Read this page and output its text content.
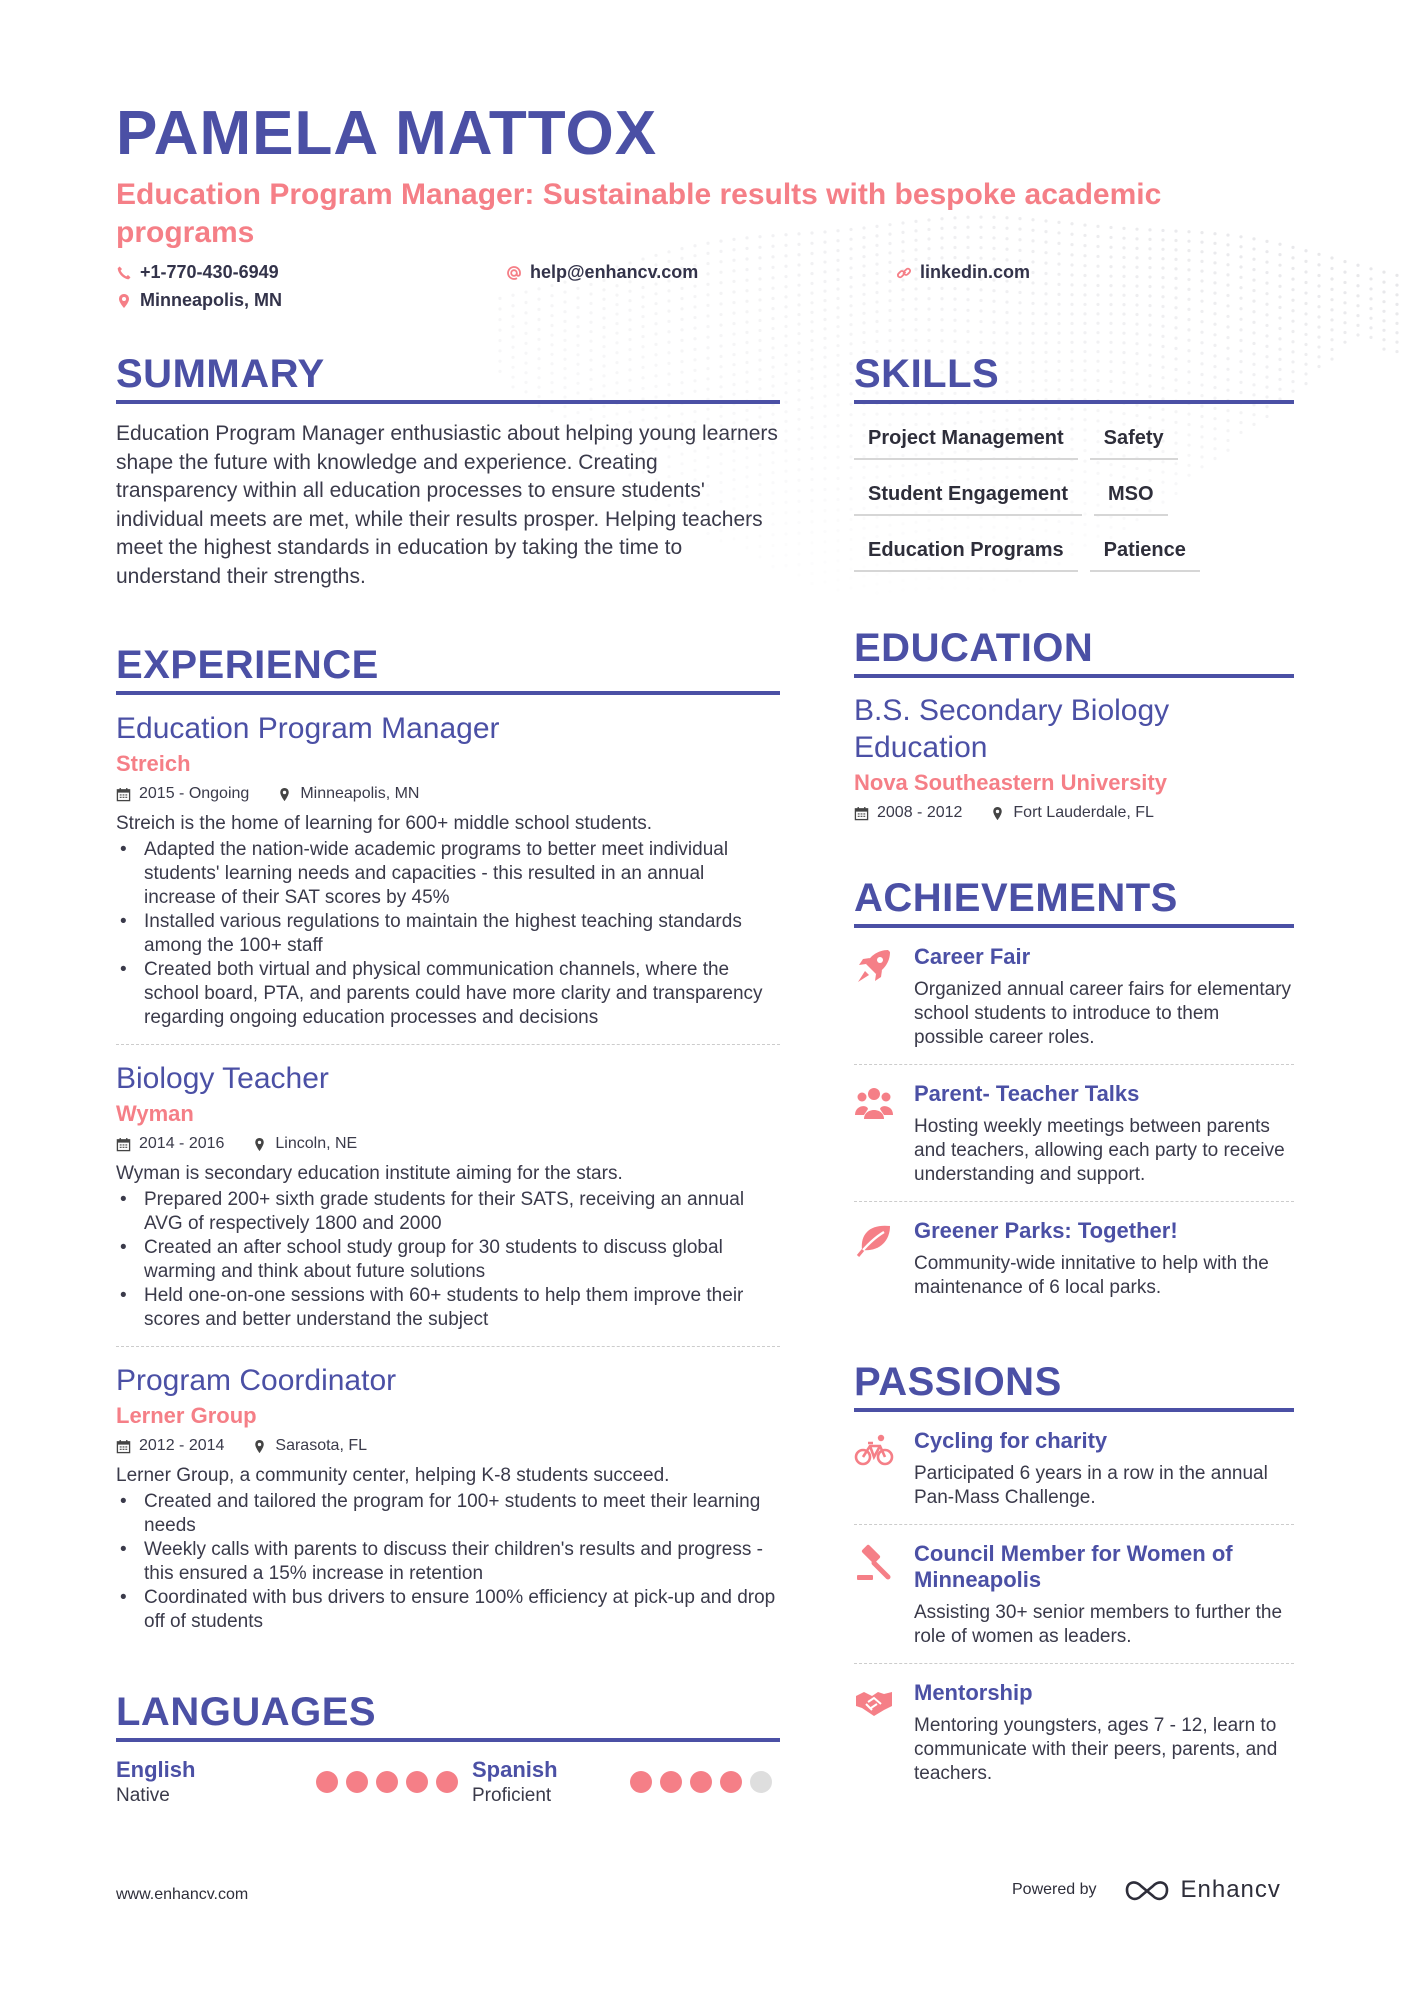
PAMELA MATTOX
Education Program Manager: Sustainable results with bespoke academic programs
+1-770-430-6949	help@enhancv.com	linkedin.com
Minneapolis, MN
SUMMARY
Education Program Manager enthusiastic about helping young learners shape the future with knowledge and experience. Creating transparency within all education processes to ensure students' individual meets are met, while their results prosper. Helping teachers meet the highest standards in education by taking the time to understand their strengths.
EXPERIENCE
Education Program Manager
Streich
2015 - Ongoing	Minneapolis, MN
Streich is the home of learning for 600+ middle school students.
• Adapted the nation-wide academic programs to better meet individual students' learning needs and capacities - this resulted in an annual increase of their SAT scores by 45%
• Installed various regulations to maintain the highest teaching standards among the 100+ staff
• Created both virtual and physical communication channels, where the school board, PTA, and parents could have more clarity and transparency regarding ongoing education processes and decisions
Biology Teacher
Wyman
2014 - 2016	Lincoln, NE
Wyman is secondary education institute aiming for the stars.
• Prepared 200+ sixth grade students for their SATS, receiving an annual AVG of respectively 1800 and 2000
• Created an after school study group for 30 students to discuss global warming and think about future solutions
• Held one-on-one sessions with 60+ students to help them improve their scores and better understand the subject
Program Coordinator
Lerner Group
2012 - 2014	Sarasota, FL
Lerner Group, a community center, helping K-8 students succeed.
• Created and tailored the program for 100+ students to meet their learning needs
• Weekly calls with parents to discuss their children's results and progress - this ensured a 15% increase in retention
• Coordinated with bus drivers to ensure 100% efficiency at pick-up and drop off of students
LANGUAGES
English
Native
Spanish
Proficient
SKILLS
Project Management	Safety
Student Engagement	MSO
Education Programs	Patience
EDUCATION
B.S. Secondary Biology Education
Nova Southeastern University
2008 - 2012	Fort Lauderdale, FL
ACHIEVEMENTS
Career Fair
Organized annual career fairs for elementary school students to introduce to them possible career roles.
Parent- Teacher Talks
Hosting weekly meetings between parents and teachers, allowing each party to receive understanding and support.
Greener Parks: Together!
Community-wide innitative to help with the maintenance of 6 local parks.
PASSIONS
Cycling for charity
Participated 6 years in a row in the annual Pan-Mass Challenge.
Council Member for Women of Minneapolis
Assisting 30+ senior members to further the role of women as leaders.
Mentorship
Mentoring youngsters, ages 7 - 12, learn to communicate with their peers, parents, and teachers.
www.enhancv.com	Powered by	Enhancv
